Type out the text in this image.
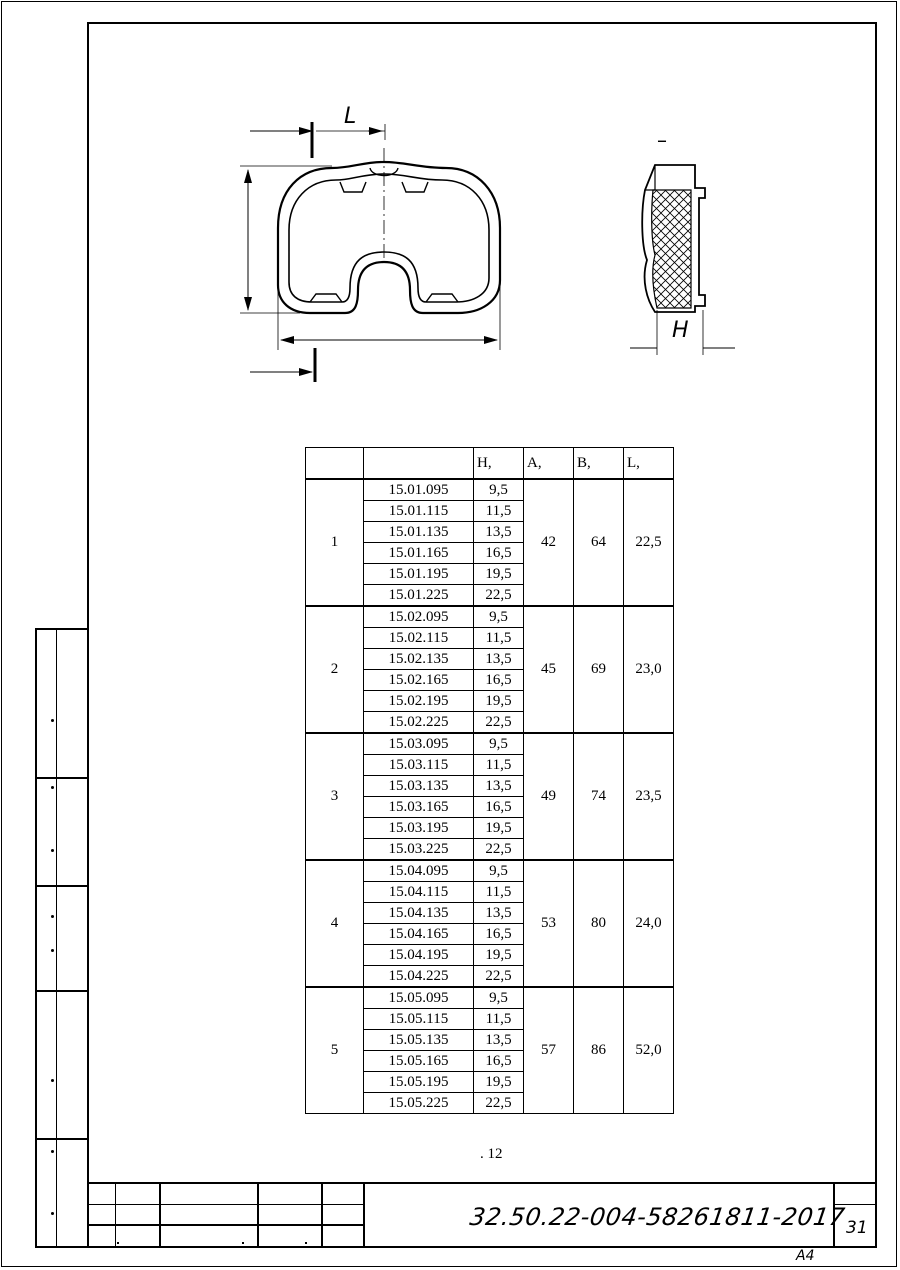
L
H
–
		H,	A,	B,	L,
1	15.01.095	9,5	42	64	22,5
	15.01.115	11,5			
	15.01.135	13,5			
	15.01.165	16,5			
	15.01.195	19,5			
	15.01.225	22,5			
2	15.02.095	9,5	45	69	23,0
	15.02.115	11,5			
	15.02.135	13,5			
	15.02.165	16,5			
	15.02.195	19,5			
	15.02.225	22,5			
3	15.03.095	9,5	49	74	23,5
	15.03.115	11,5			
	15.03.135	13,5			
	15.03.165	16,5			
	15.03.195	19,5			
	15.03.225	22,5			
4	15.04.095	9,5	53	80	24,0
	15.04.115	11,5			
	15.04.135	13,5			
	15.04.165	16,5			
	15.04.195	19,5			
	15.04.225	22,5			
5	15.05.095	9,5	57	86	52,0
	15.05.115	11,5			
	15.05.135	13,5			
	15.05.165	16,5			
	15.05.195	19,5			
	15.05.225	22,5			
. 12
32.50.22-004-58261811-2017 31
A4
